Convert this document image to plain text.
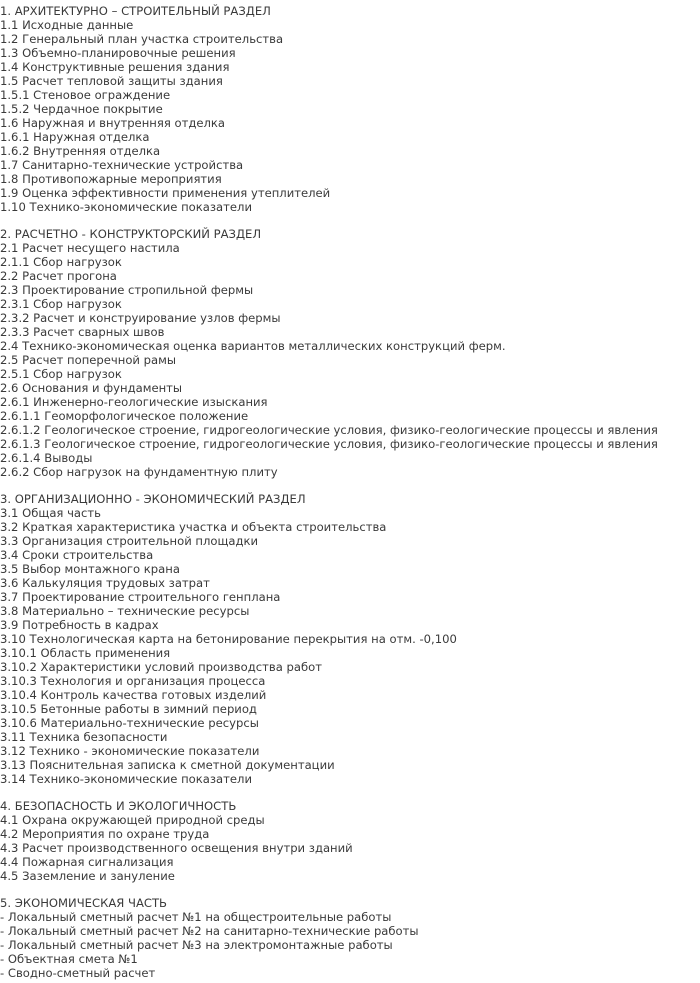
1. АРХИТЕКТУРНО – СТРОИТЕЛЬНЫЙ РАЗДЕЛ
1.1 Исходные данные
1.2 Генеральный план участка строительства
1.3 Объемно-планировочные решения
1.4 Конструктивные решения здания
1.5 Расчет тепловой защиты здания
1.5.1 Стеновое ограждение
1.5.2 Чердачное покрытие
1.6 Наружная и внутренняя отделка
1.6.1 Наружная отделка
1.6.2 Внутренняя отделка
1.7 Санитарно-технические устройства
1.8 Противопожарные мероприятия
1.9 Оценка эффективности применения утеплителей
1.10 Технико-экономические показатели
2. РАСЧЕТНО - КОНСТРУКТОРСКИЙ РАЗДЕЛ
2.1 Расчет несущего настила
2.1.1 Сбор нагрузок
2.2 Расчет прогона
2.3 Проектирование стропильной фермы
2.3.1 Сбор нагрузок
2.3.2 Расчет и конструирование узлов фермы
2.3.3 Расчет сварных швов
2.4 Технико-экономическая оценка вариантов металлических конструкций ферм.
2.5 Расчет поперечной рамы
2.5.1 Сбор нагрузок
2.6 Основания и фундаменты
2.6.1 Инженерно-геологические изыскания
2.6.1.1 Геоморфологическое положение
2.6.1.2 Геологическое строение, гидрогеологические условия, физико-геологические процессы и явления
2.6.1.3 Геологическое строение, гидрогеологические условия, физико-геологические процессы и явления
2.6.1.4 Выводы
2.6.2 Сбор нагрузок на фундаментную плиту
3. ОРГАНИЗАЦИОННО - ЭКОНОМИЧЕСКИЙ РАЗДЕЛ
3.1 Общая часть
3.2 Краткая характеристика участка и объекта строительства
3.3 Организация строительной площадки
3.4 Сроки строительства
3.5 Выбор монтажного крана
3.6 Калькуляция трудовых затрат
3.7 Проектирование строительного генплана
3.8 Материально – технические ресурсы
3.9 Потребность в кадрах
3.10 Технологическая карта на бетонирование перекрытия на отм. -0,100
3.10.1 Область применения
3.10.2 Характеристики условий производства работ
3.10.3 Технология и организация процесса
3.10.4 Контроль качества готовых изделий
3.10.5 Бетонные работы в зимний период
3.10.6 Материально-технические ресурсы
3.11 Техника безопасности
3.12 Технико - экономические показатели
3.13 Пояснительная записка к сметной документации
3.14 Технико-экономические показатели
4. БЕЗОПАСНОСТЬ И ЭКОЛОГИЧНОСТЬ
4.1 Охрана окружающей природной среды
4.2 Мероприятия по охране труда
4.3 Расчет производственного освещения внутри зданий
4.4 Пожарная сигнализация
4.5 Заземление и зануление
5. ЭКОНОМИЧЕСКАЯ ЧАСТЬ
- Локальный сметный расчет №1 на общестроительные работы
- Локальный сметный расчет №2 на санитарно-технические работы
- Локальный сметный расчет №3 на электромонтажные работы
- Объектная смета №1
- Сводно-сметный расчет
